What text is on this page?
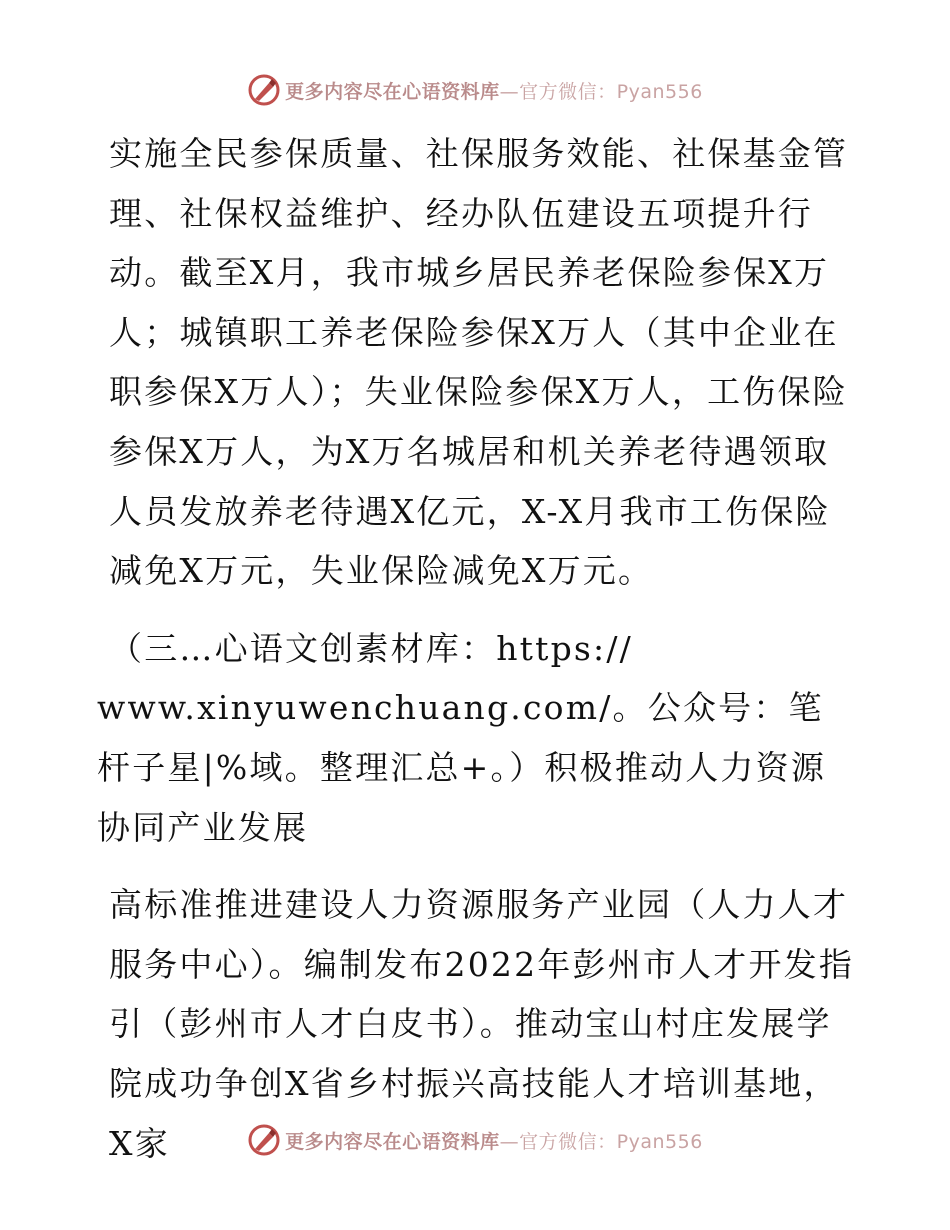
更多内容尽在心语资料库—官方微信：Pyan556

实施全民参保质量、社保服务效能、社保基金管理、社保权益维护、经办队伍建设五项提升行动。截至X月，我市城乡居民养老保险参保X万人；城镇职工养老保险参保X万人（其中企业在职参保X万人）；失业保险参保X万人，工伤保险参保X万人，为X万名城居和机关养老待遇领取人员发放养老待遇X亿元，X-X月我市工伤保险减免X万元，失业保险减免X万元。

（三…心语文创素材库：https://

www.xinyuwenchuang.com/。公众号：笔杆子星|%域。整理汇总+。）积极推动人力资源协同产业发展

高标准推进建设人力资源服务产业园（人力人才服务中心）。编制发布2022年彭州市人才开发指引（彭州市人才白皮书）。推动宝山村庄发展学院成功争创X省乡村振兴高技能人才培训基地，X家	更多内容尽在心语资料库—官方微信：Pyan556
